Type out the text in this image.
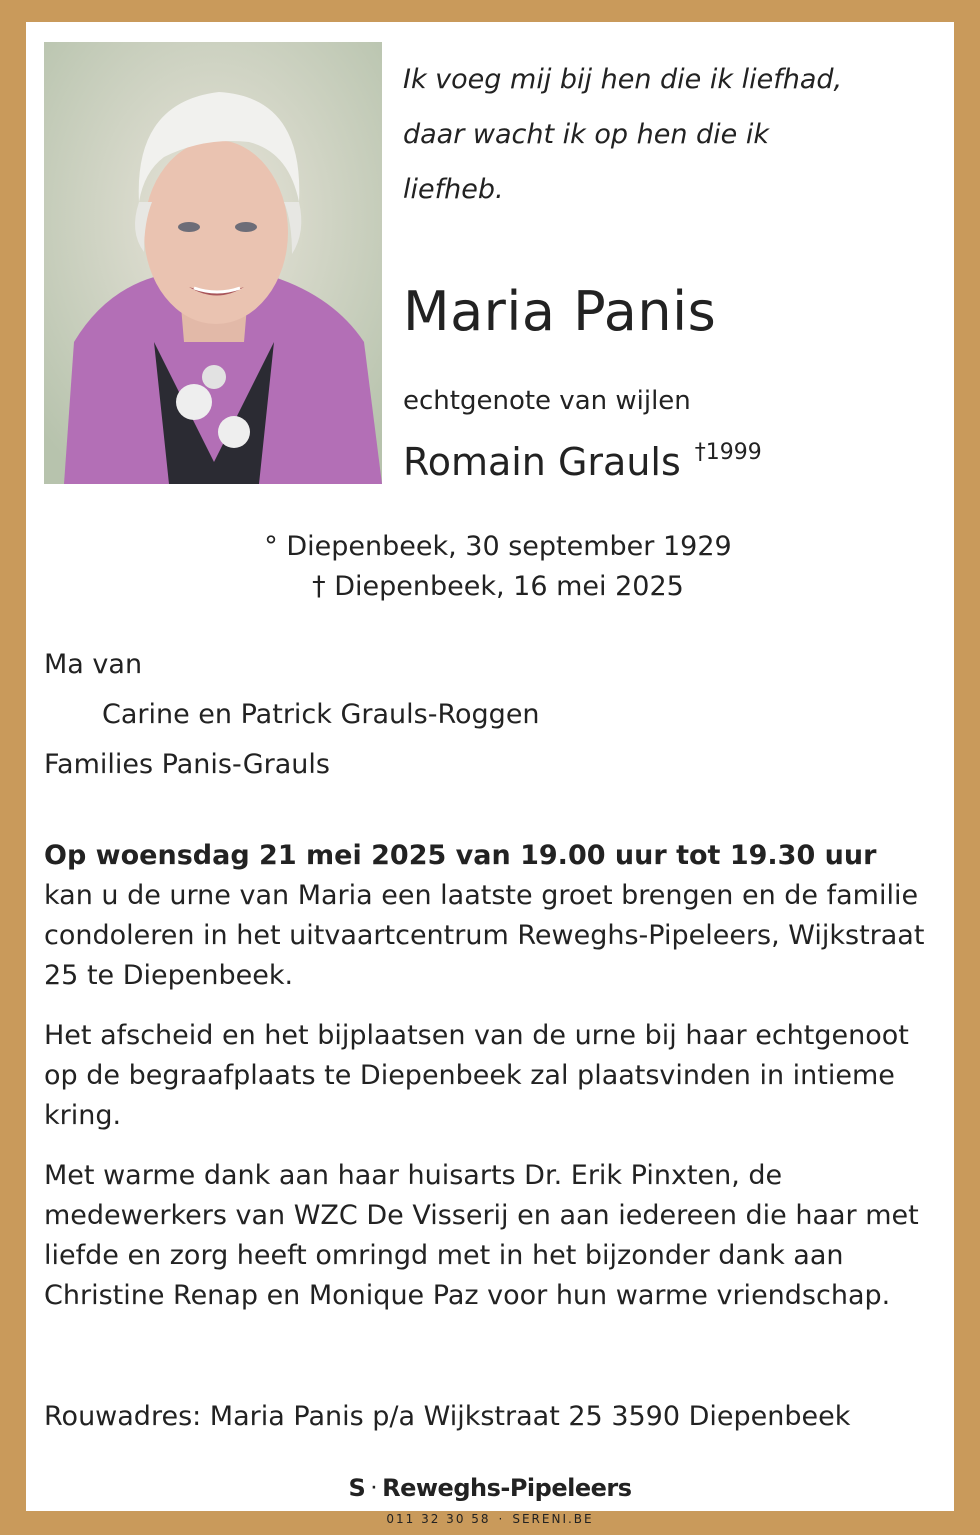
Ik voeg mij bij hen die ik liefhad,
daar wacht ik op hen die ik
liefheb.
Maria Panis
echtgenote van wijlen
Romain Grauls $^{\dagger 1999}$
° Diepenbeek, 30 september 1929
† Diepenbeek, 16 mei 2025
Ma van
Carine en Patrick Grauls-Roggen
Families Panis-Grauls

Op woensdag 21 mei 2025 van 19.00 uur tot 19.30 uur
kan u de urne van Maria een laatste groet brengen en de familie condoleren in het uitvaartcentrum Reweghs-Pipeleers, Wijkstraat 25 te Diepenbeek.

Het afscheid en het bijplaatsen van de urne bij haar echtgenoot op de begraafplaats te Diepenbeek zal plaatsvinden in intieme kring.

Met warme dank aan haar huisarts Dr. Erik Pinxten, de medewerkers van WZC De Visserij en aan iedereen die haar met liefde en zorg heeft omringd met in het bijzonder dank aan Christine Renap en Monique Paz voor hun warme vriendschap.

Rouwadres: Maria Panis p/a Wijkstraat 25 3590 Diepenbeek
S · Reweghs-Pipeleers
011 32 30 58 · SERENI.BE
